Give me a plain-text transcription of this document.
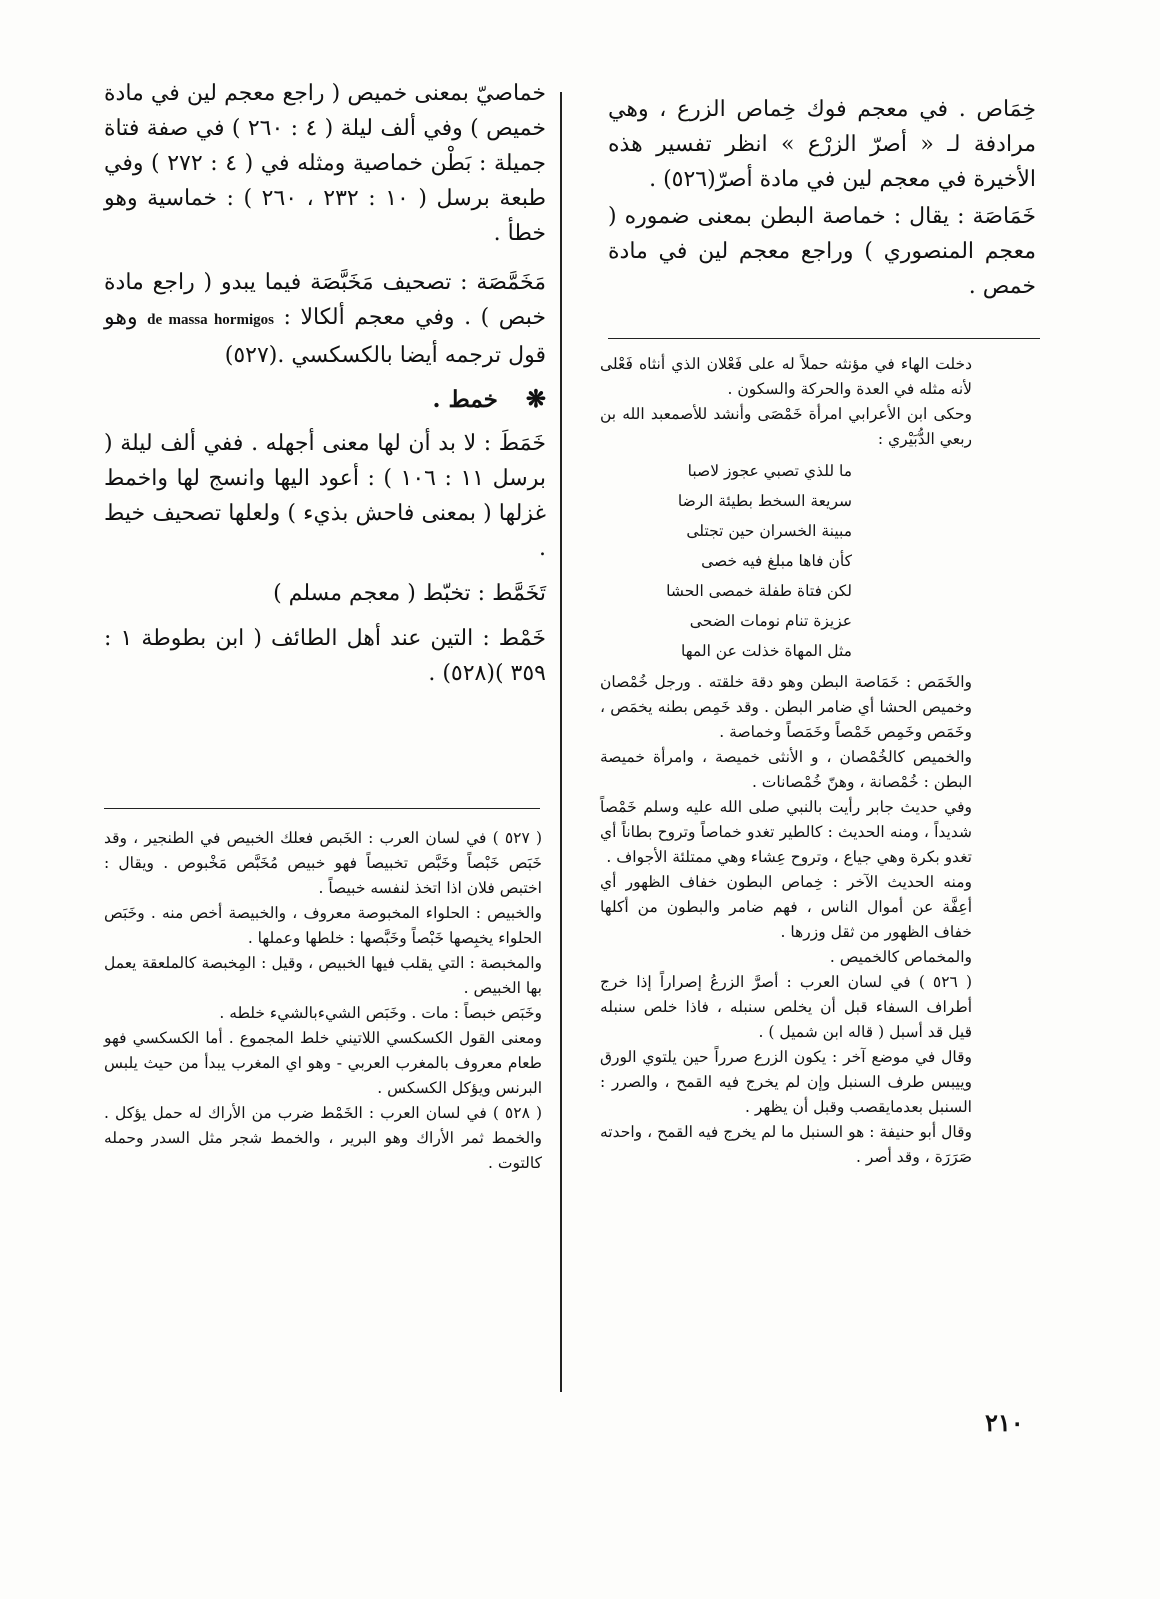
خِمَاص . في معجم فوك خِماص الزرع ، وهي مرادفة لـ « أصرّ الزرْع » انظر تفسير هذه الأخيرة في معجم لين في مادة أصرّ(٥٢٦) .

خَمَاصَة : يقال : خماصة البطن بمعنى ضموره ( معجم المنصوري ) وراجع معجم لين في مادة خمص .

دخلت الهاء في مؤنثه حملاً له على فَعْلان الذي أنثاه فَعْلى لأنه مثله في العدة والحركة والسكون .

وحكى ابن الأعرابي امرأة خَمْصَى وأنشد للأصمعبد الله بن ربعي الدُّبَيْري :

ما للذي تصبي عجوز لاصبا
سريعة السخط بطيئة الرضا
مبينة الخسران حين تجتلى
كأن فاها مبلغ فيه خصى
لكن فتاة طفلة خمصى الحشا
عزيزة تنام نومات الضحى
مثل المهاة خذلت عن المها

والخَمَص : خَمَاصة البطن وهو دقة خلقته . ورجل خُمْصان وخميص الحشا أي ضامر البطن . وقد خَمِص بطنه يخمَص ، وخَمَص وخَمِص خَمْصاً وخَمَصاً وخماصة .

والخميص كالخُمْصان ، و الأنثى خميصة ، وامرأة خميصة البطن : خُمْصانة ، وهنّ خُمْصانات .

وفي حديث جابر رأيت بالنبي صلى الله عليه وسلم خَمْصاً شديداً ، ومنه الحديث : كالطير تغدو خماصاً وتروح بطاناً أي تغدو بكرة وهي جياع ، وتروح عِشاء وهي ممتلئة الأجواف .

ومنه الحديث الآخر : خِماص البطون خفاف الظهور أي أعِفَّة عن أموال الناس ، فهم ضامر والبطون من أكلها خفاف الظهور من ثقل وزرها .

والمخماص كالخميص .

( ٥٢٦ ) في لسان العرب : أصرَّ الزرعُ إصراراً إذا خرج أطراف السفاء قبل أن يخلص سنبله ، فاذا خلص سنبله قيل قد أسبل ( قاله ابن شميل ) .

وقال في موضع آخر : يكون الزرع صرراً حين يلتوي الورق وييبس طرف السنبل وإن لم يخرج فيه القمح ، والصرر : السنبل بعدمايقصب وقبل أن يظهر .

وقال أبو حنيفة : هو السنبل ما لم يخرج فيه القمح ، واحدته صَرَرَة ، وقد أصر .

خماصيّ بمعنى خميص ( راجع معجم لين في مادة خميص ) وفي ألف ليلة ( ٤ : ٢٦٠ ) في صفة فتاة جميلة : بَطْن خماصية ومثله في ( ٤ : ٢٧٢ ) وفي طبعة برسل ( ١٠ : ٢٣٢ ، ٢٦٠ ) : خماسية وهو خطأ .

مَخَمَّصَة : تصحيف مَخَبَّصَة فيما يبدو ( راجع مادة خبص ) . وفي معجم ألكالا : de massa hormigos وهو قول ترجمه أيضا بالكسكسي .(٥٢٧)

❋ خمط .

خَمَطَ : لا بد أن لها معنى أجهله . ففي ألف ليلة ( برسل ١١ : ١٠٦ ) : أعود اليها وانسج لها واخمط غزلها ( بمعنى فاحش بذيء ) ولعلها تصحيف خيط .

تَخَمَّط : تخبّط ( معجم مسلم )

خَمْط : التين عند أهل الطائف ( ابن بطوطة ١ : ٣٥٩ )(٥٢٨) .

( ٥٢٧ ) في لسان العرب : الخَبص فعلك الخبيص في الطنجير ، وقد خَبَص خَبْصاً وخَبَّص تخبيصاً فهو خبيص مُخَبَّص مَخْبوص . ويقال : اختبص فلان اذا اتخذ لنفسه خبيصاً .

والخبيص : الحلواء المخبوصة معروف ، والخبيصة أخص منه . وخَبَص الحلواء يخبِصها خَبْصاً وخَبَّصها : خلطها وعملها .

والمخبصة : التي يقلب فيها الخبيص ، وقيل : المِخبصة كالملعقة يعمل بها الخبيص .

وخَبَص خبصاً : مات . وخَبَص الشيءبالشيء خلطه .

ومعنى القول الكسكسي اللاتيني خلط المجموع . أما الكسكسي فهو طعام معروف بالمغرب العربي - وهو اي المغرب يبدأ من حيث يلبس البرنس ويؤكل الكسكس .

( ٥٢٨ ) في لسان العرب : الخَمْط ضرب من الأراك له حمل يؤكل . والخمط ثمر الأراك وهو البرير ، والخمط شجر مثل السدر وحمله كالتوت .

٢١٠
